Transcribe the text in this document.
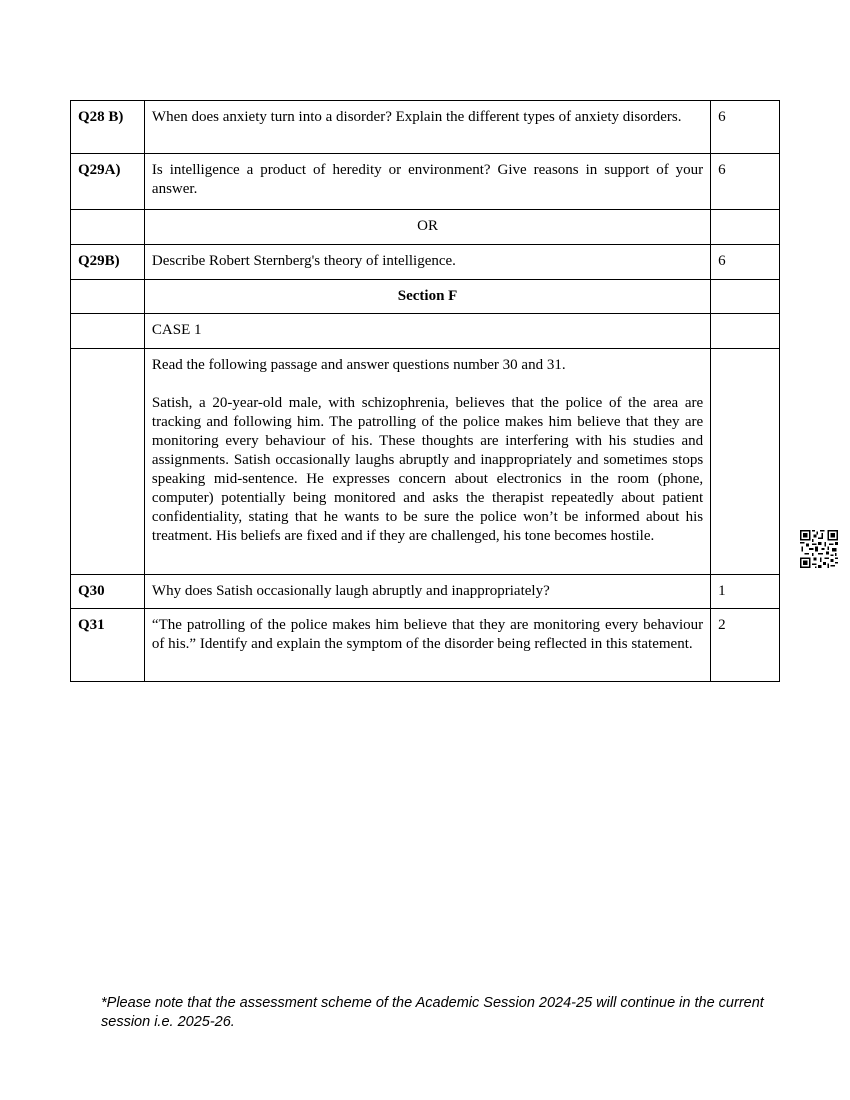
Q28 B)	When does anxiety turn into a disorder? Explain the different types of anxiety disorders.	6
Q29A)	Is intelligence a product of heredity or environment? Give reasons in support of your answer.	6
	OR	
Q29B)	Describe Robert Sternberg's theory of intelligence.	6
	Section F	
	CASE 1	

	Read the following passage and answer questions number 30 and 31.

Satish, a 20-year-old male, with schizophrenia, believes that the police of the area are tracking and following him. The patrolling of the police makes him believe that they are monitoring every behaviour of his. These thoughts are interfering with his studies and assignments. Satish occasionally laughs abruptly and inappropriately and sometimes stops speaking mid-sentence. He expresses concern about electronics in the room (phone, computer) potentially being monitored and asks the therapist repeatedly about patient confidentiality, stating that he wants to be sure the police won’t be informed about his treatment. His beliefs are fixed and if they are challenged, his tone becomes hostile.	

Q30	Why does Satish occasionally laugh abruptly and inappropriately?	1
Q31	“The patrolling of the police makes him believe that they are monitoring every behaviour of his.” Identify and explain the symptom of the disorder being reflected in this statement.	2
*Please note that the assessment scheme of the Academic Session 2024-25 will continue in the current session i.e. 2025-26.
